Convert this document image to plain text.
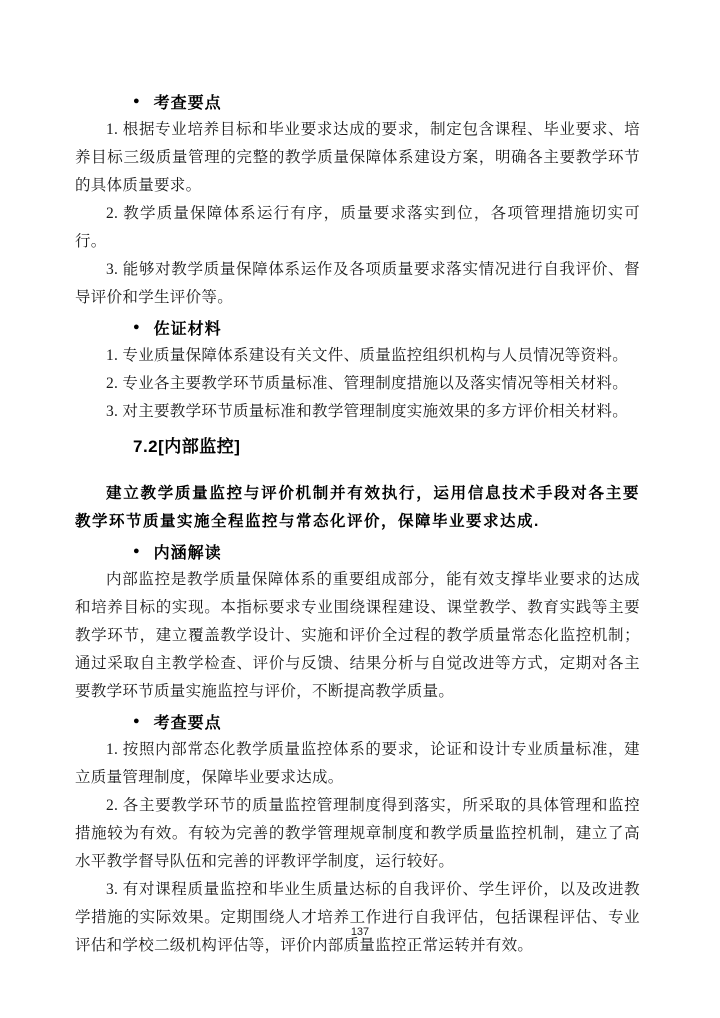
● 考查要点

1. 根据专业培养目标和毕业要求达成的要求，制定包含课程、毕业要求、培养目标三级质量管理的完整的教学质量保障体系建设方案，明确各主要教学环节的具体质量要求。

2. 教学质量保障体系运行有序，质量要求落实到位，各项管理措施切实可行。

3. 能够对教学质量保障体系运作及各项质量要求落实情况进行自我评价、督导评价和学生评价等。

● 佐证材料

1. 专业质量保障体系建设有关文件、质量监控组织机构与人员情况等资料。

2. 专业各主要教学环节质量标准、管理制度措施以及落实情况等相关材料。

3. 对主要教学环节质量标准和教学管理制度实施效果的多方评价相关材料。

7.2[内部监控]

建立教学质量监控与评价机制并有效执行，运用信息技术手段对各主要教学环节质量实施全程监控与常态化评价，保障毕业要求达成.

● 内涵解读

内部监控是教学质量保障体系的重要组成部分，能有效支撑毕业要求的达成和培养目标的实现。本指标要求专业围绕课程建设、课堂教学、教育实践等主要教学环节，建立覆盖教学设计、实施和评价全过程的教学质量常态化监控机制；通过采取自主教学检查、评价与反馈、结果分析与自觉改进等方式，定期对各主要教学环节质量实施监控与评价，不断提高教学质量。

● 考查要点

1. 按照内部常态化教学质量监控体系的要求，论证和设计专业质量标准，建立质量管理制度，保障毕业要求达成。

2. 各主要教学环节的质量监控管理制度得到落实，所采取的具体管理和监控措施较为有效。有较为完善的教学管理规章制度和教学质量监控机制，建立了高水平教学督导队伍和完善的评教评学制度，运行较好。

3. 有对课程质量监控和毕业生质量达标的自我评价、学生评价，以及改进教学措施的实际效果。定期围绕人才培养工作进行自我评估，包括课程评估、专业评估和学校二级机构评估等，评价内部质量监控正常运转并有效。

137
